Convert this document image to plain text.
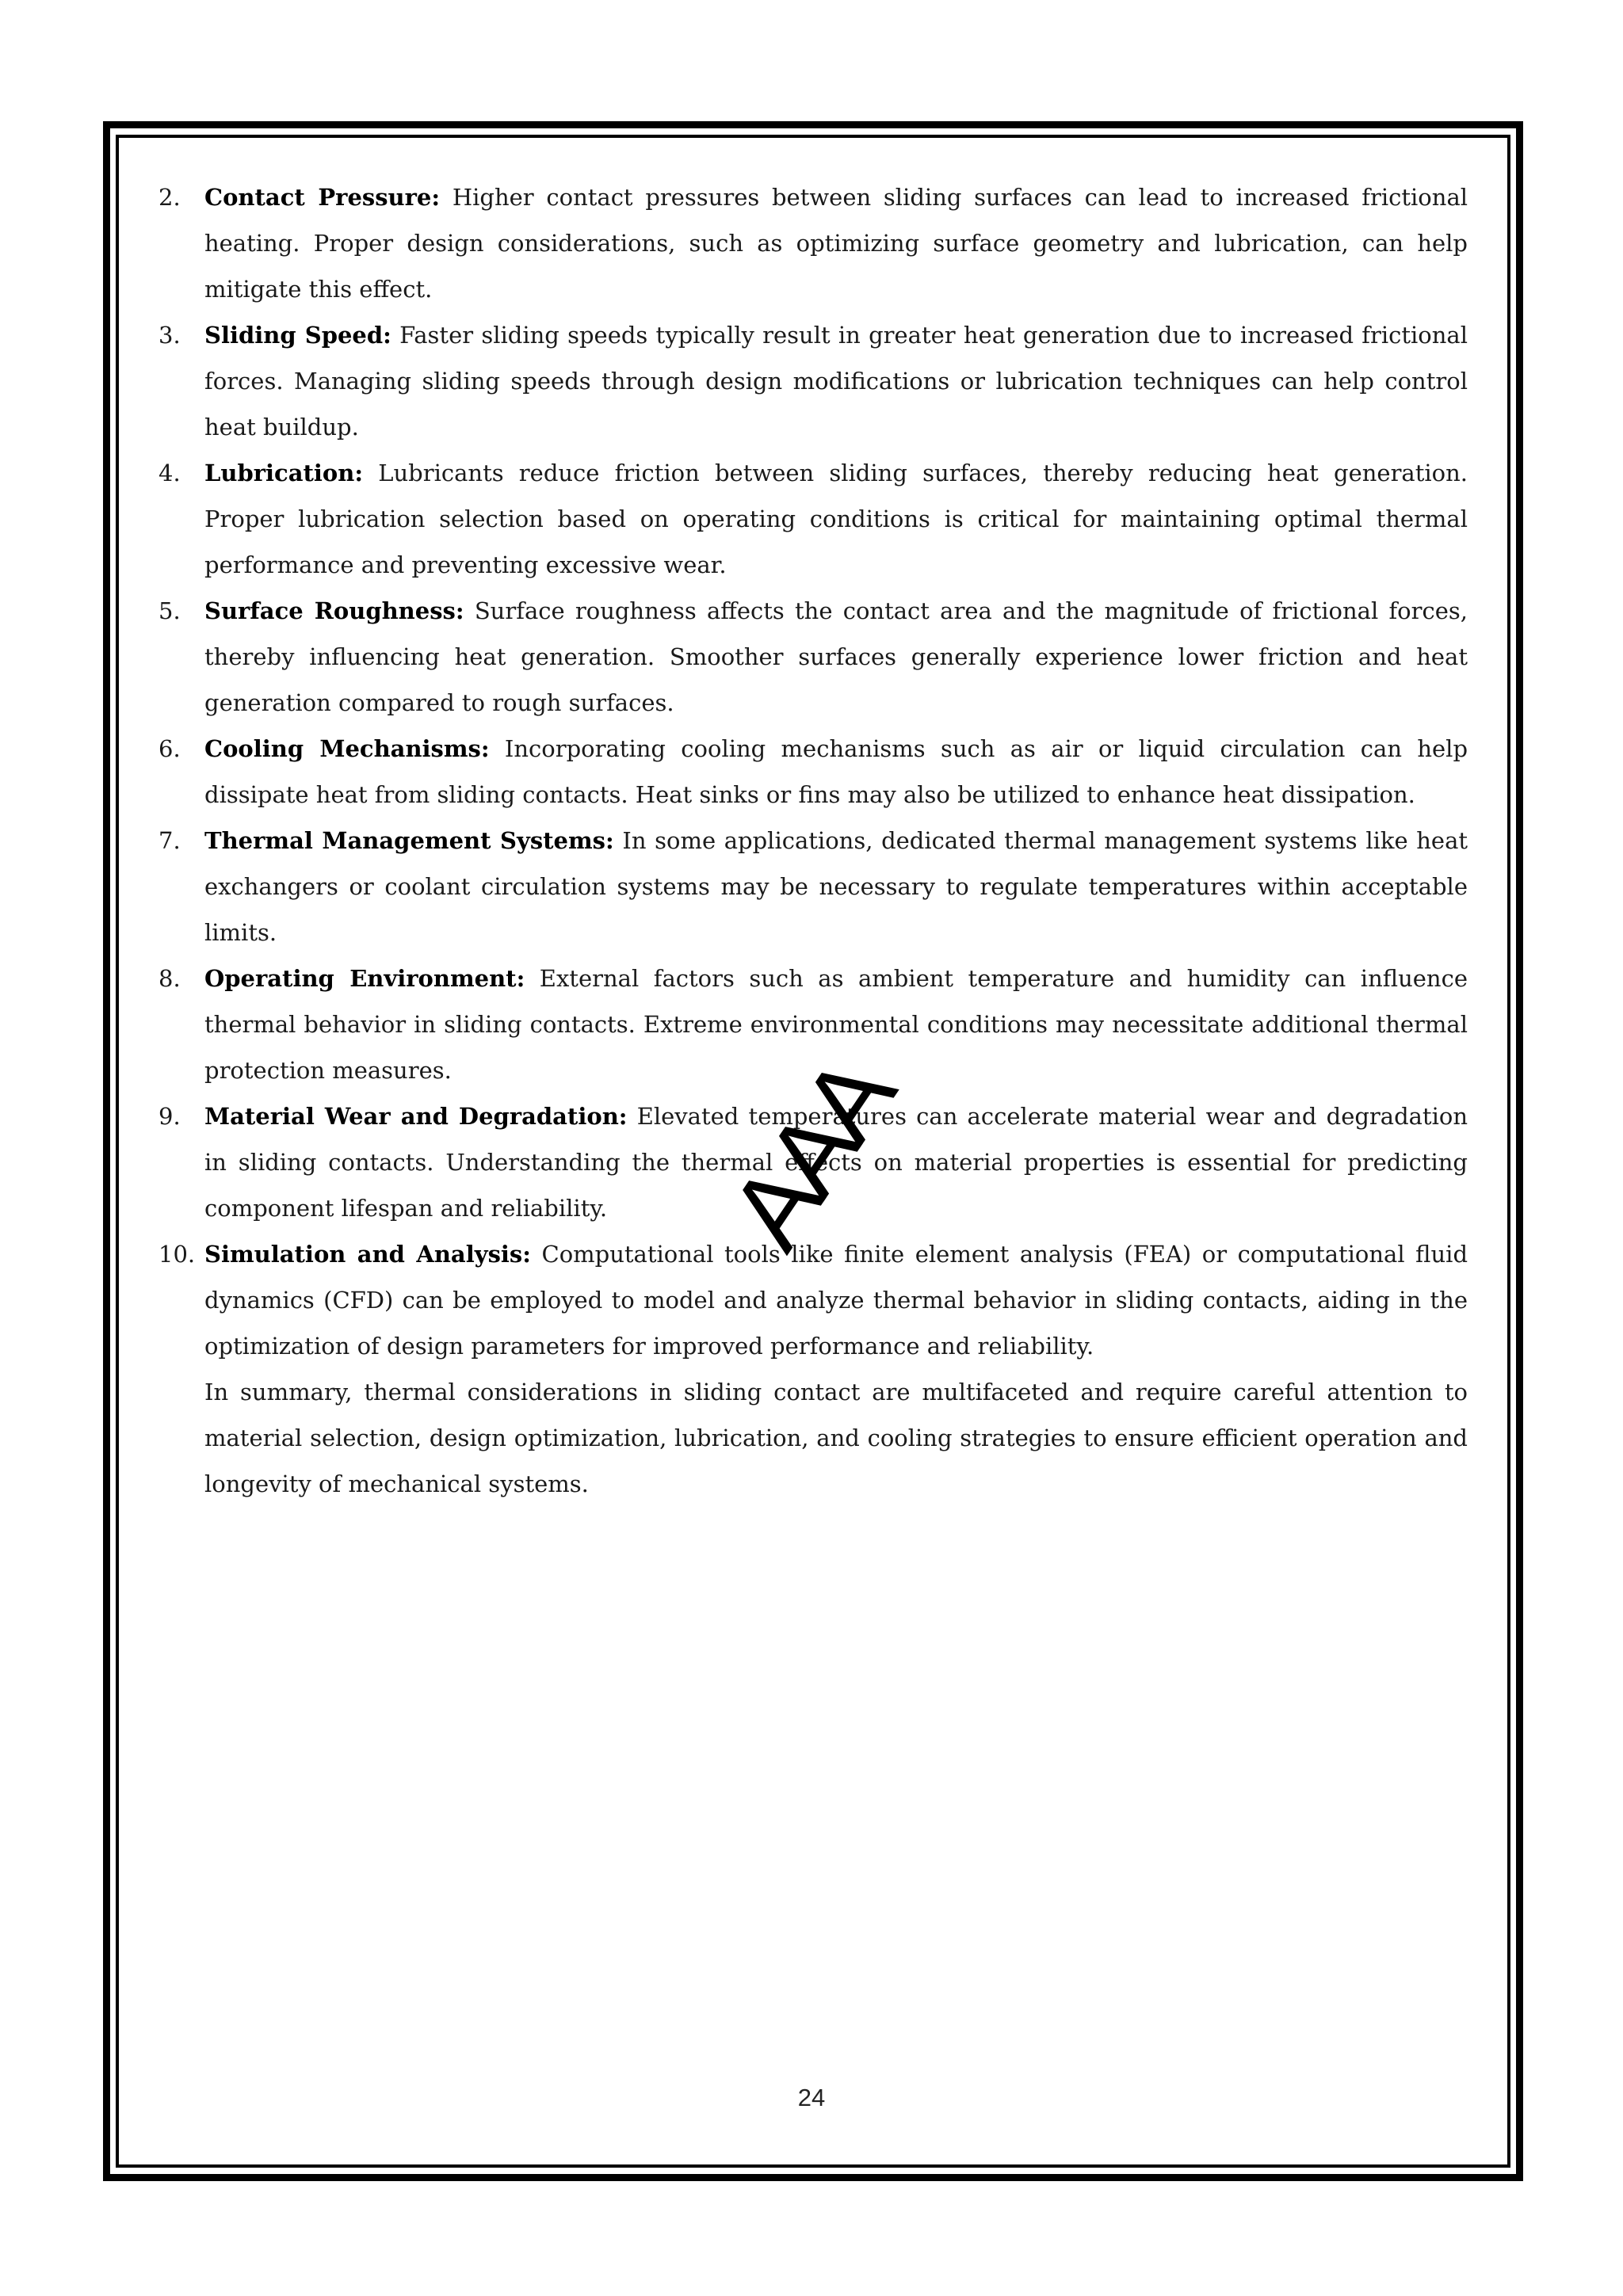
2.	Contact Pressure: Higher contact pressures between sliding surfaces can lead to increased frictional heating. Proper design considerations, such as optimizing surface geometry and lubrication, can help mitigate this effect.
3.	Sliding Speed: Faster sliding speeds typically result in greater heat generation due to increased frictional forces. Managing sliding speeds through design modifications or lubrication techniques can help control heat buildup.
4.	Lubrication: Lubricants reduce friction between sliding surfaces, thereby reducing heat generation. Proper lubrication selection based on operating conditions is critical for maintaining optimal thermal performance and preventing excessive wear.
5.	Surface Roughness: Surface roughness affects the contact area and the magnitude of frictional forces, thereby influencing heat generation. Smoother surfaces generally experience lower friction and heat generation compared to rough surfaces.
6.	Cooling Mechanisms: Incorporating cooling mechanisms such as air or liquid circulation can help dissipate heat from sliding contacts. Heat sinks or fins may also be utilized to enhance heat dissipation.
7.	Thermal Management Systems: In some applications, dedicated thermal management systems like heat exchangers or coolant circulation systems may be necessary to regulate temperatures within acceptable limits.
8.	Operating Environment: External factors such as ambient temperature and humidity can influence thermal behavior in sliding contacts. Extreme environmental conditions may necessitate additional thermal protection measures.
9.	Material Wear and Degradation: Elevated temperatures can accelerate material wear and degradation in sliding contacts. Understanding the thermal effects on material properties is essential for predicting component lifespan and reliability.
10. Simulation and Analysis: Computational tools like finite element analysis (FEA) or computational fluid dynamics (CFD) can be employed to model and analyze thermal behavior in sliding contacts, aiding in the optimization of design parameters for improved performance and reliability.
In summary, thermal considerations in sliding contact are multifaceted and require careful attention to material selection, design optimization, lubrication, and cooling strategies to ensure efficient operation and longevity of mechanical systems.
AAA
24
